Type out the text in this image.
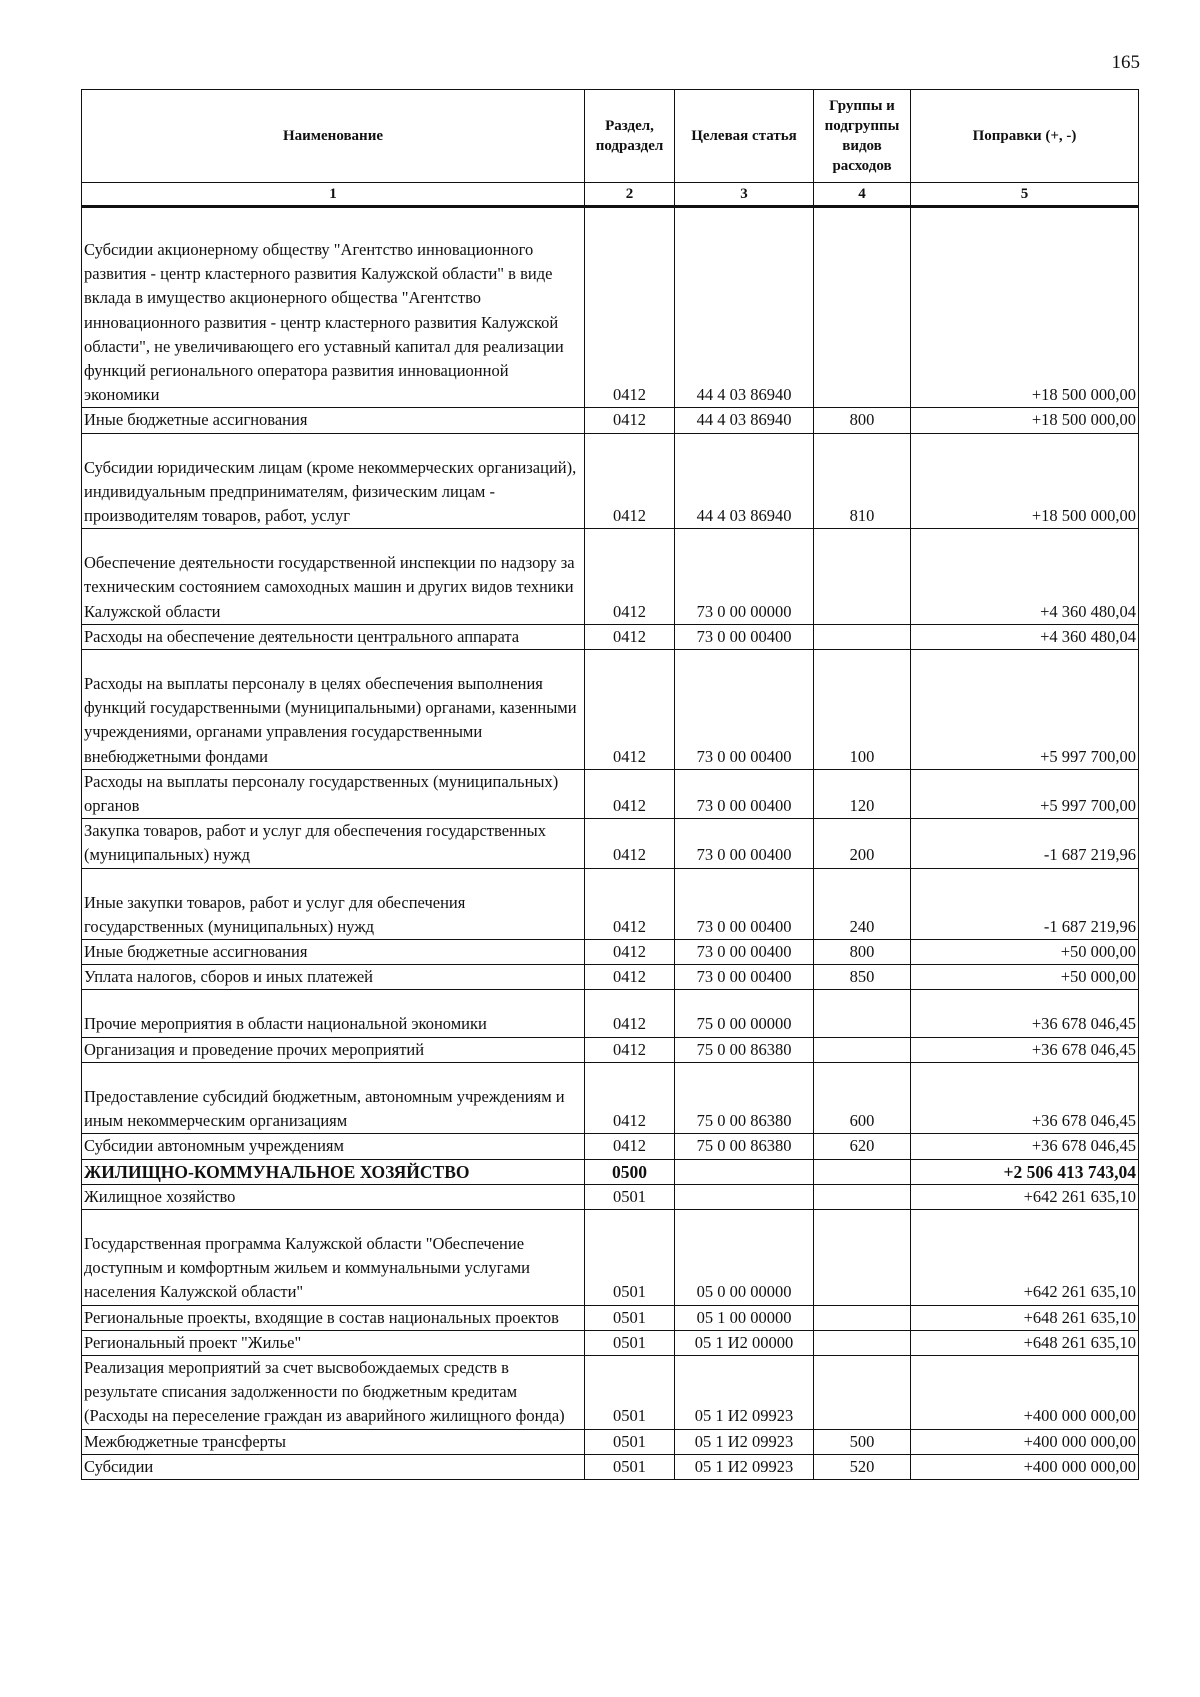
165
Наименование	Раздел, подраздел	Целевая статья	Группы и подгруппы видов расходов	Поправки (+, -)
1	2	3	4	5
Субсидии акционерному обществу "Агентство инновационного развития - центр кластерного развития Калужской области" в виде вклада в имущество акционерного общества "Агентство инновационного развития - центр кластерного развития Калужской области", не увеличивающего его уставный капитал для реализации функций регионального оператора развития инновационной экономики	0412	44 4 03 86940		+18 500 000,00
Иные бюджетные ассигнования	0412	44 4 03 86940	800	+18 500 000,00
Субсидии юридическим лицам (кроме некоммерческих организаций), индивидуальным предпринимателям, физическим лицам - производителям товаров, работ, услуг	0412	44 4 03 86940	810	+18 500 000,00
Обеспечение деятельности государственной инспекции по надзору за техническим состоянием самоходных машин и других видов техники Калужской области	0412	73 0 00 00000		+4 360 480,04
Расходы на обеспечение деятельности центрального аппарата	0412	73 0 00 00400		+4 360 480,04
Расходы на выплаты персоналу в целях обеспечения выполнения функций государственными (муниципальными) органами, казенными учреждениями, органами управления государственными внебюджетными фондами	0412	73 0 00 00400	100	+5 997 700,00
Расходы на выплаты персоналу государственных (муниципальных) органов	0412	73 0 00 00400	120	+5 997 700,00
Закупка товаров, работ и услуг для обеспечения государственных (муниципальных) нужд	0412	73 0 00 00400	200	-1 687 219,96
Иные закупки товаров, работ и услуг для обеспечения государственных (муниципальных) нужд	0412	73 0 00 00400	240	-1 687 219,96
Иные бюджетные ассигнования	0412	73 0 00 00400	800	+50 000,00
Уплата налогов, сборов и иных платежей	0412	73 0 00 00400	850	+50 000,00
Прочие мероприятия в области национальной экономики	0412	75 0 00 00000		+36 678 046,45
Организация и проведение прочих мероприятий	0412	75 0 00 86380		+36 678 046,45
Предоставление субсидий бюджетным, автономным учреждениям и иным некоммерческим организациям	0412	75 0 00 86380	600	+36 678 046,45
Субсидии автономным учреждениям	0412	75 0 00 86380	620	+36 678 046,45
ЖИЛИЩНО-КОММУНАЛЬНОЕ ХОЗЯЙСТВО	0500			+2 506 413 743,04
Жилищное хозяйство	0501			+642 261 635,10
Государственная программа Калужской области "Обеспечение доступным и комфортным жильем и коммунальными услугами населения Калужской области"	0501	05 0 00 00000		+642 261 635,10
Региональные проекты, входящие в состав национальных проектов	0501	05 1 00 00000		+648 261 635,10
Региональный проект "Жилье"	0501	05 1 И2 00000		+648 261 635,10
Реализация мероприятий за счет высвобождаемых средств в результате списания задолженности по бюджетным кредитам (Расходы на переселение граждан из аварийного жилищного фонда)	0501	05 1 И2 09923		+400 000 000,00
Межбюджетные трансферты	0501	05 1 И2 09923	500	+400 000 000,00
Субсидии	0501	05 1 И2 09923	520	+400 000 000,00
